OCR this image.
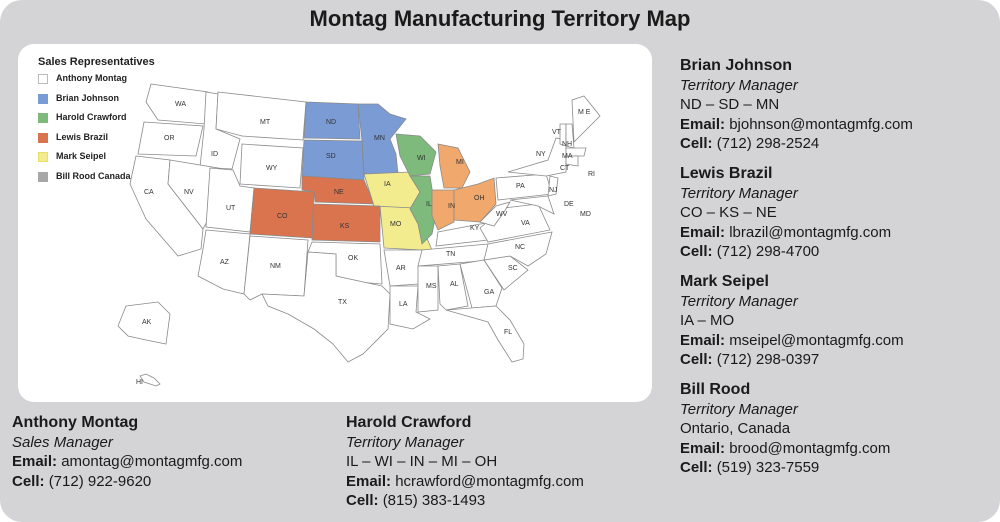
Montag Manufacturing Territory Map
WA
OR
CA
ID
NV
MT
WY
UT
AZ
CO
NM
ND
SD
NE
KS
OK
TX
MN
IA
MO
AR
LA
WI
IL
MI
IN
OH
KY
TN
MS AL
GA
FL
SC
NC
VA
WV
PA
NY
VT
NH
MA
CT
RI
NJ
DE
MD
M E
AK
HI
Sales Representatives
Anthony Montag
Brian Johnson
Harold Crawford
Lewis Brazil
Mark Seipel
Bill Rood Canada
Brian Johnson
Territory Manager
ND – SD – MN
Email: bjohnson@montagmfg.com
Cell: (712) 298-2524
Lewis Brazil
Territory Manager
CO – KS – NE
Email: lbrazil@montagmfg.com
Cell: (712) 298-4700
Mark Seipel
Territory Manager
IA – MO
Email: mseipel@montagmfg.com
Cell: (712) 298-0397
Bill Rood
Territory Manager
Ontario, Canada
Email: brood@montagmfg.com
Cell: (519) 323-7559
Anthony Montag
Sales Manager
Email: amontag@montagmfg.com
Cell: (712) 922-9620
Harold Crawford
Territory Manager
IL – WI – IN – MI – OH
Email: hcrawford@montagmfg.com
Cell: (815) 383-1493
